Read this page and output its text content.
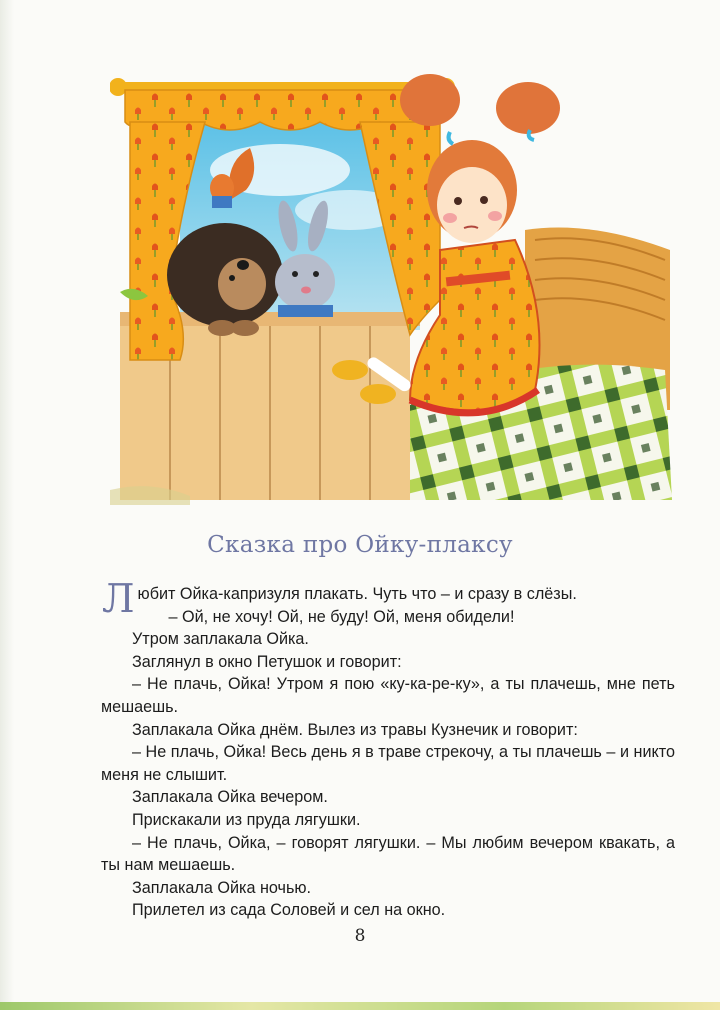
Сказка про Ойку-плаксу

Любит Ойка-капризуля плакать. Чуть что – и сразу в слёзы.

– Ой, не хочу! Ой, не буду! Ой, меня обидели!

Утром заплакала Ойка.

Заглянул в окно Петушок и говорит:

– Не плачь, Ойка! Утром я пою «ку-ка-ре-ку», а ты плачешь, мне петь мешаешь.

Заплакала Ойка днём. Вылез из травы Кузнечик и говорит:

– Не плачь, Ойка! Весь день я в траве стрекочу, а ты плачешь – и никто меня не слышит.

Заплакала Ойка вечером.

Прискакали из пруда лягушки.

– Не плачь, Ойка, – говорят лягушки. – Мы любим вечером квакать, а ты нам мешаешь.

Заплакала Ойка ночью.

Прилетел из сада Соловей и сел на окно.

8
